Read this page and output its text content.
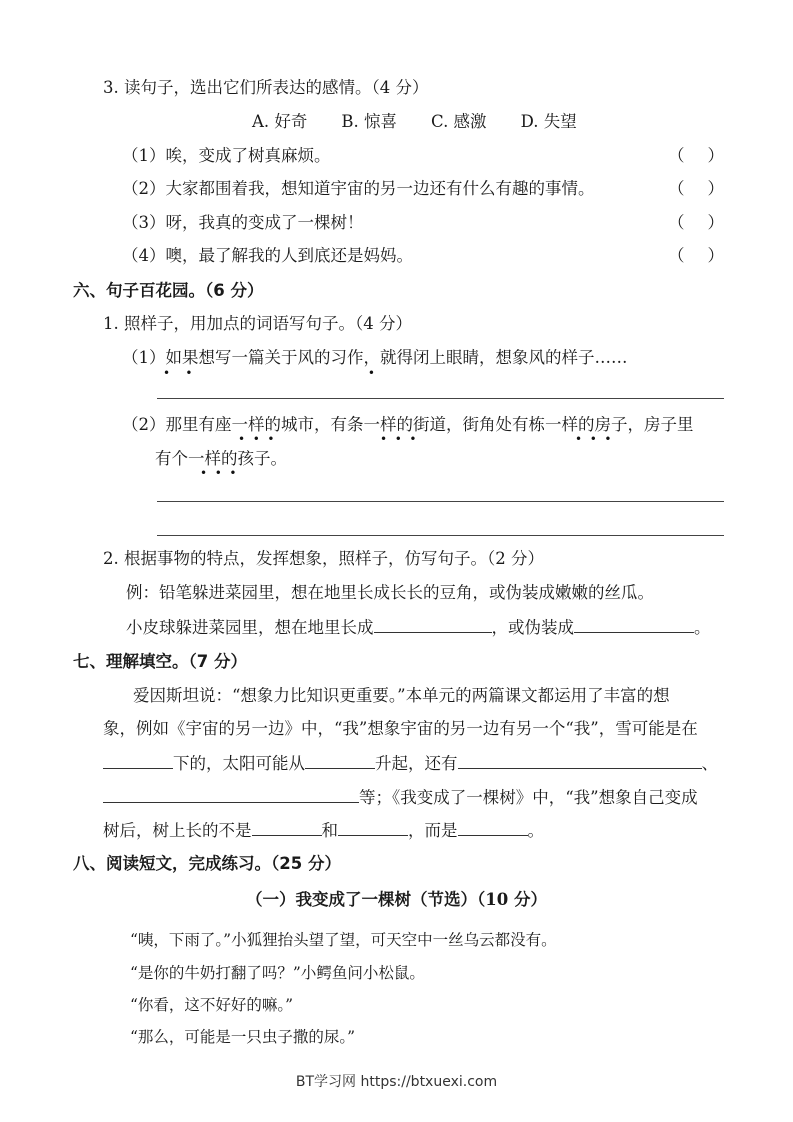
3. 读句子，选出它们所表达的感情。（4 分）
A. 好奇 B. 惊喜 C. 感激 D. 失望
（1）唉，变成了树真麻烦。	（ ）
（2）大家都围着我，想知道宇宙的另一边还有什么有趣的事情。	（ ）
（3）呀，我真的变成了一棵树！	（ ）
（4）噢，最了解我的人到底还是妈妈。	（ ）
六、句子百花园。（6 分）
1. 照样子，用加点的词语写句子。（4 分）
（1）如果想写一篇关于风的习作，就得闭上眼睛，想象风的样子……
•    •                                              •
（2）那里有座一样的城市，有条一样的街道，街角处有栋一样的房子，房子里
•  •  •	•  •  •	•  •  •
有个一样的孩子。
•  •  •
2. 根据事物的特点，发挥想象，照样子，仿写句子。（2 分）
例：铅笔躲进菜园里，想在地里长成长长的豆角，或伪装成嫩嫩的丝瓜。
小皮球躲进菜园里，想在地里长成	，或伪装成	。
七、理解填空。（7 分）
爱因斯坦说：“想象力比知识更重要。”本单元的两篇课文都运用了丰富的想
象，例如《宇宙的另一边》中，“我”想象宇宙的另一边有另一个“我”，雪可能是在
下的，太阳可能从	升起，还有	、
等；《我变成了一棵树》中，“我”想象自己变成
树后，树上长的不是	和	，而是	。
八、阅读短文，完成练习。（25 分）
（一）我变成了一棵树（节选）（10 分）
“咦，下雨了。”小狐狸抬头望了望，可天空中一丝乌云都没有。
“是你的牛奶打翻了吗？”小鳄鱼问小松鼠。
“你看，这不好好的嘛。”
“那么，可能是一只虫子撒的尿。”
BT学习网 https://btxuexi.com
